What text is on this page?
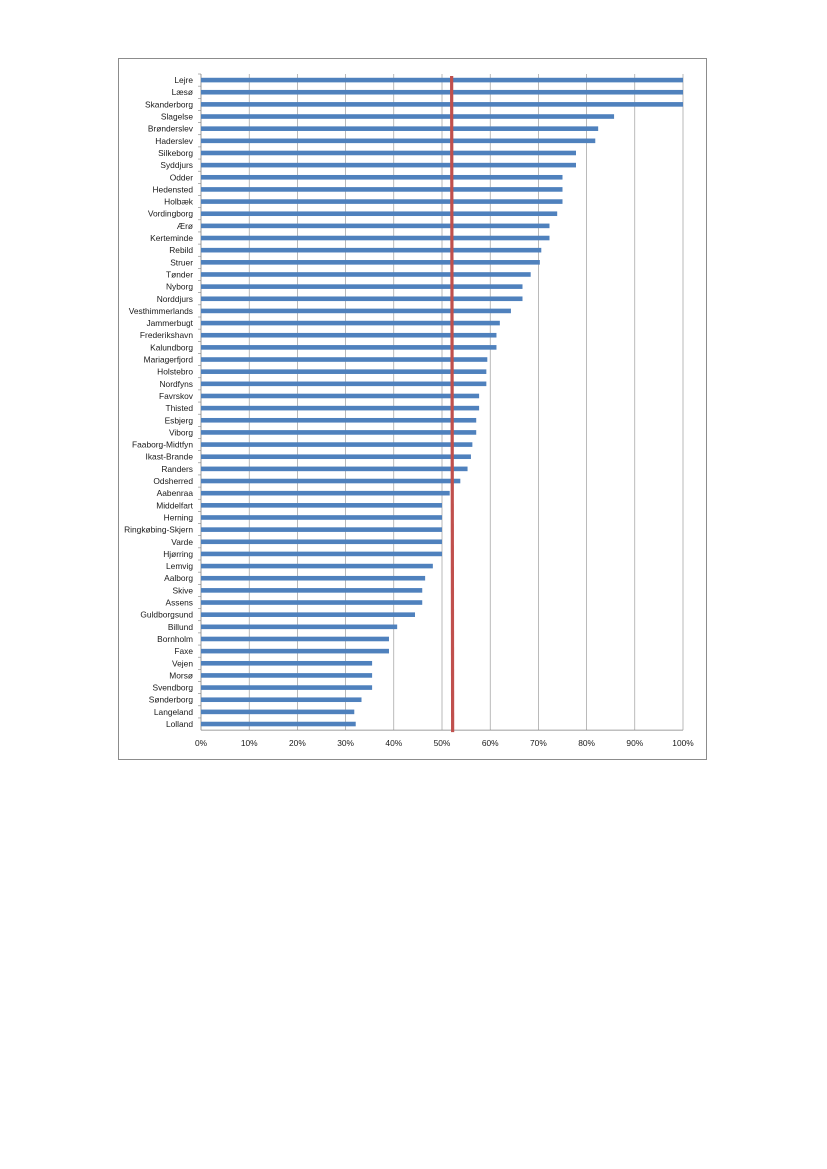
Lejre
Læsø
Skanderborg
Slagelse
Brønderslev
Haderslev
Silkeborg
Syddjurs
Odder
Hedensted
Holbæk
Vordingborg
Ærø
Kerteminde
Rebild
Struer
Tønder
Nyborg
Norddjurs
Vesthimmerlands
Jammerbugt
Frederikshavn
Kalundborg
Mariagerfjord
Holstebro
Nordfyns
Favrskov
Thisted
Esbjerg
Viborg
Faaborg-Midtfyn
Ikast-Brande
Randers
Odsherred
Aabenraa
Middelfart
Herning
Ringkøbing-Skjern
Varde
Hjørring
Lemvig
Aalborg
Skive
Assens
Guldborgsund
Billund
Bornholm
Faxe
Vejen
Morsø
Svendborg
Sønderborg
Langeland
Lolland
0%	10%	20%	30%	40%	50%	60%	70%	80%	90%	100%
